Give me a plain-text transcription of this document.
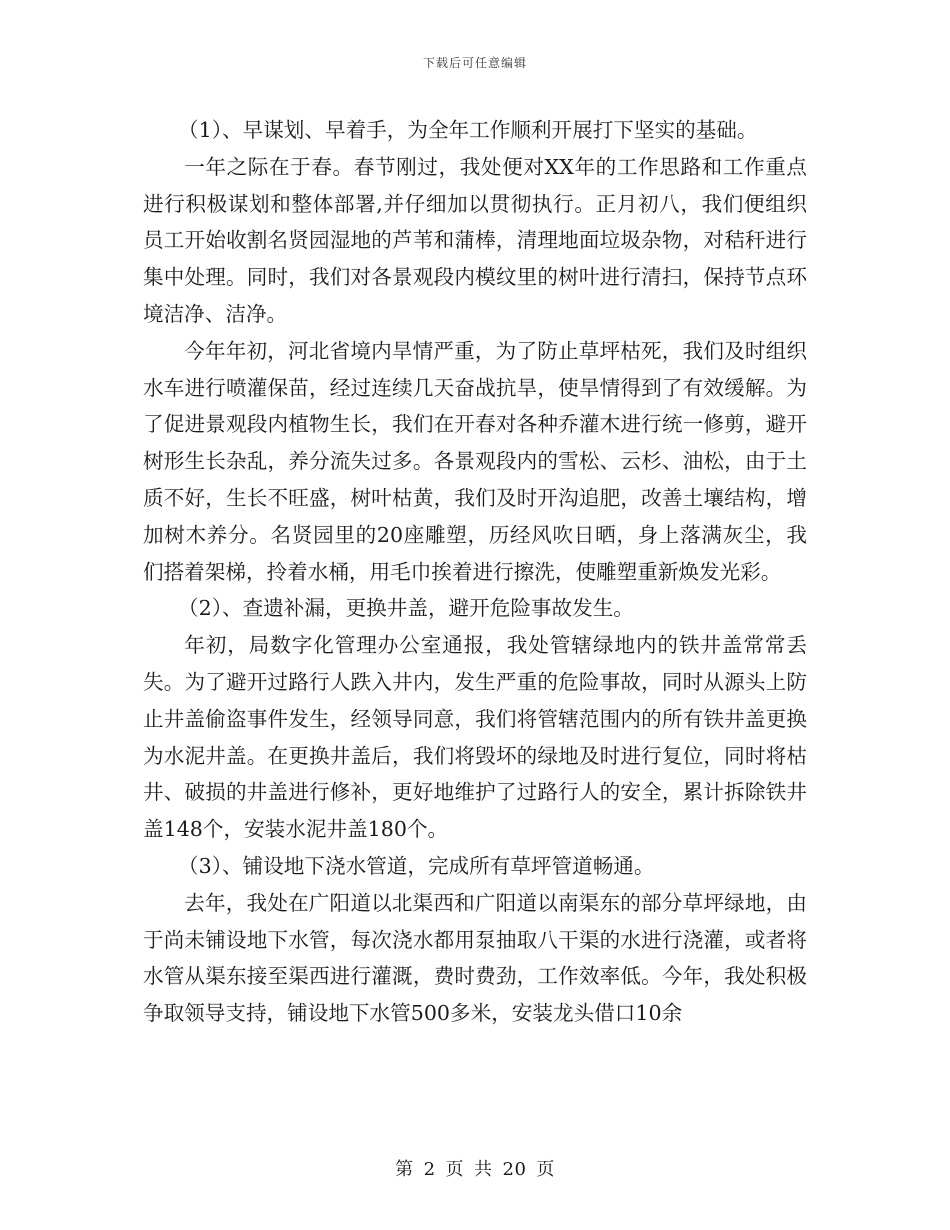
下载后可任意编辑

（1）、早谋划、早着手，为全年工作顺利开展打下坚实的基础。

一年之际在于春。春节刚过，我处便对XX年的工作思路和工作重点进行积极谋划和整体部署,并仔细加以贯彻执行。正月初八，我们便组织员工开始收割名贤园湿地的芦苇和蒲棒，清理地面垃圾杂物，对秸秆进行集中处理。同时，我们对各景观段内模纹里的树叶进行清扫，保持节点环境洁净、洁净。

今年年初，河北省境内旱情严重，为了防止草坪枯死，我们及时组织水车进行喷灌保苗，经过连续几天奋战抗旱，使旱情得到了有效缓解。为了促进景观段内植物生长，我们在开春对各种乔灌木进行统一修剪，避开树形生长杂乱，养分流失过多。各景观段内的雪松、云杉、油松，由于土质不好，生长不旺盛，树叶枯黄，我们及时开沟追肥，改善土壤结构，增加树木养分。名贤园里的20座雕塑，历经风吹日晒，身上落满灰尘，我们搭着架梯，拎着水桶，用毛巾挨着进行擦洗，使雕塑重新焕发光彩。

（2）、查遗补漏，更换井盖，避开危险事故发生。

年初，局数字化管理办公室通报，我处管辖绿地内的铁井盖常常丢失。为了避开过路行人跌入井内，发生严重的危险事故，同时从源头上防止井盖偷盗事件发生，经领导同意，我们将管辖范围内的所有铁井盖更换为水泥井盖。在更换井盖后，我们将毁坏的绿地及时进行复位，同时将枯井、破损的井盖进行修补，更好地维护了过路行人的安全，累计拆除铁井盖148个，安装水泥井盖180个。

（3）、铺设地下浇水管道，完成所有草坪管道畅通。

去年，我处在广阳道以北渠西和广阳道以南渠东的部分草坪绿地，由于尚未铺设地下水管，每次浇水都用泵抽取八干渠的水进行浇灌，或者将水管从渠东接至渠西进行灌溉，费时费劲，工作效率低。今年，我处积极争取领导支持，铺设地下水管500多米，安装龙头借口10余

第 2 页 共 20 页
